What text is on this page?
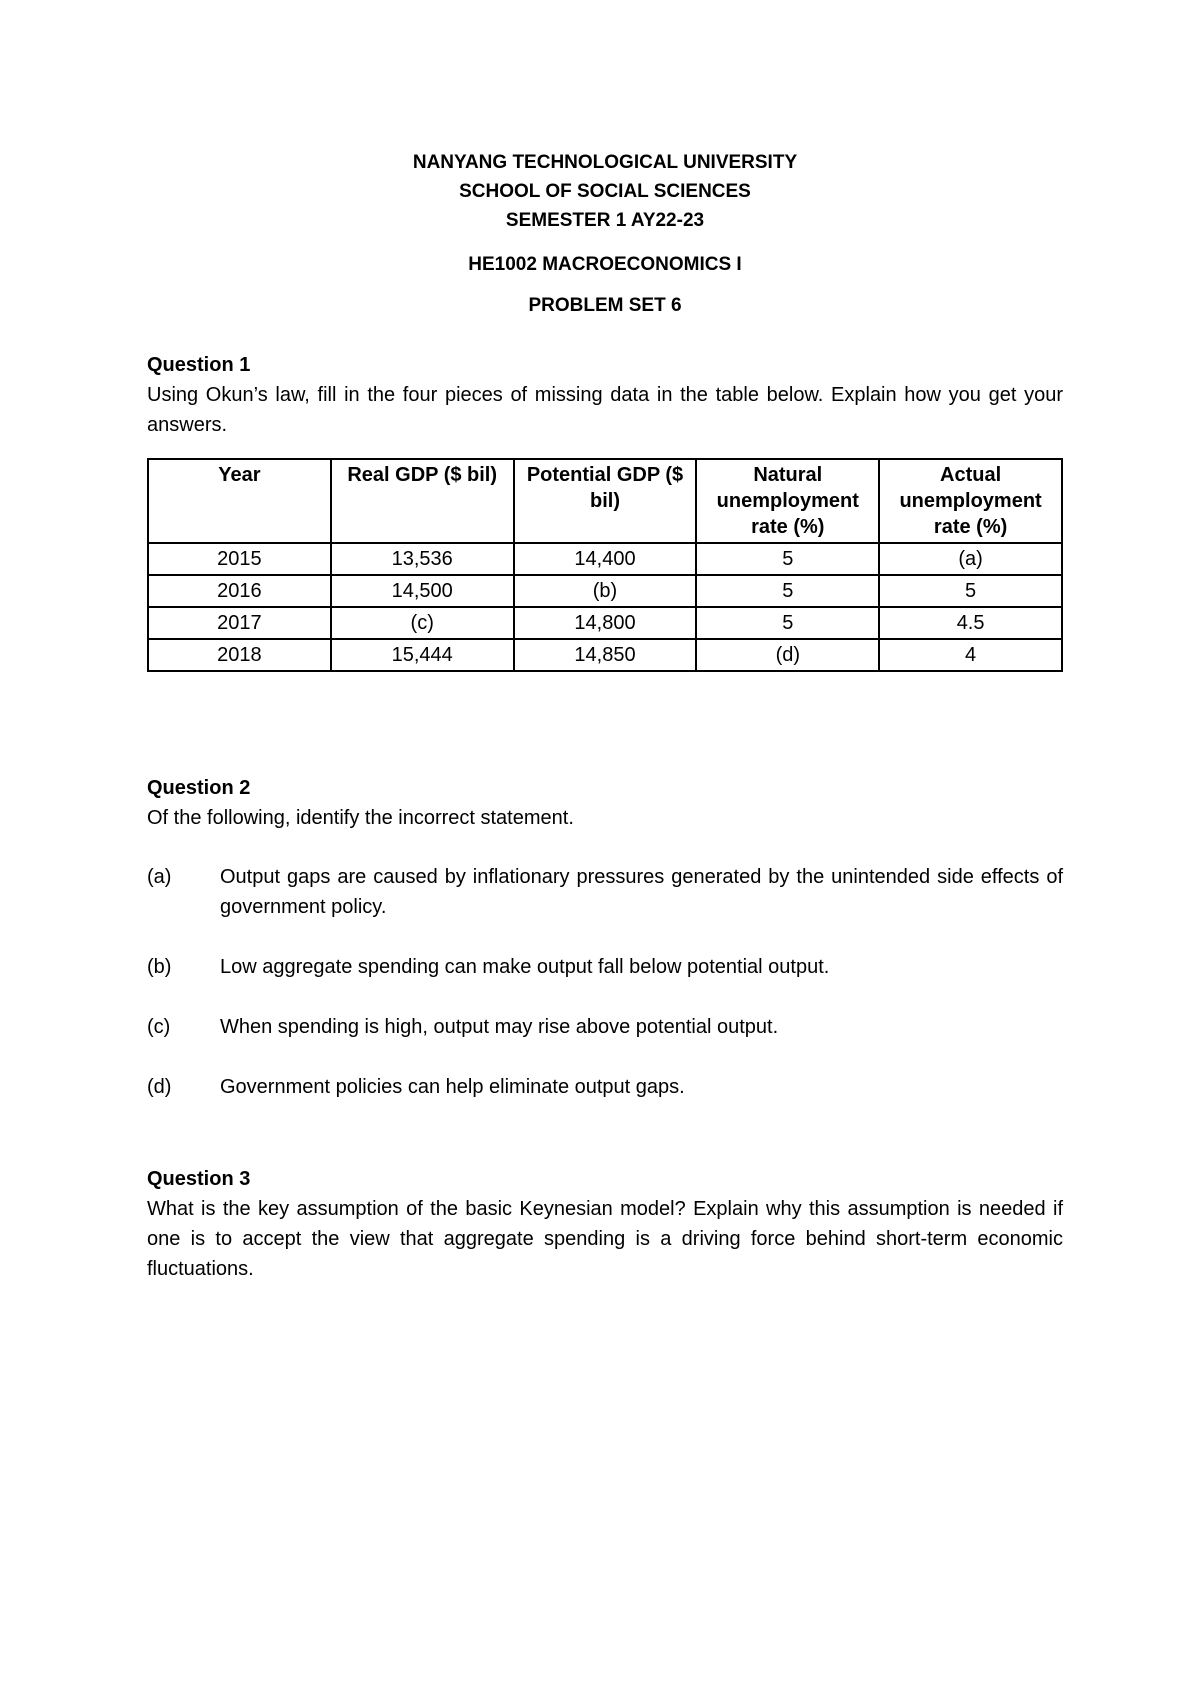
NANYANG TECHNOLOGICAL UNIVERSITY
SCHOOL OF SOCIAL SCIENCES
SEMESTER 1 AY22-23
HE1002 MACROECONOMICS I
PROBLEM SET 6
Question 1
Using Okun’s law, fill in the four pieces of missing data in the table below. Explain how you get your answers.
Year	Real GDP ($ bil)	Potential GDP ($ bil)	Natural unemployment rate (%)	Actual unemployment rate (%)
2015	13,536	14,400	5	(a)
2016	14,500	(b)	5	5
2017	(c)	14,800	5	4.5
2018	15,444	14,850	(d)	4
Question 2
Of the following, identify the incorrect statement.
(a)	Output gaps are caused by inflationary pressures generated by the unintended side effects of government policy.
(b)	Low aggregate spending can make output fall below potential output.
(c)	When spending is high, output may rise above potential output.
(d)	Government policies can help eliminate output gaps.
Question 3
What is the key assumption of the basic Keynesian model? Explain why this assumption is needed if one is to accept the view that aggregate spending is a driving force behind short-term economic fluctuations.
